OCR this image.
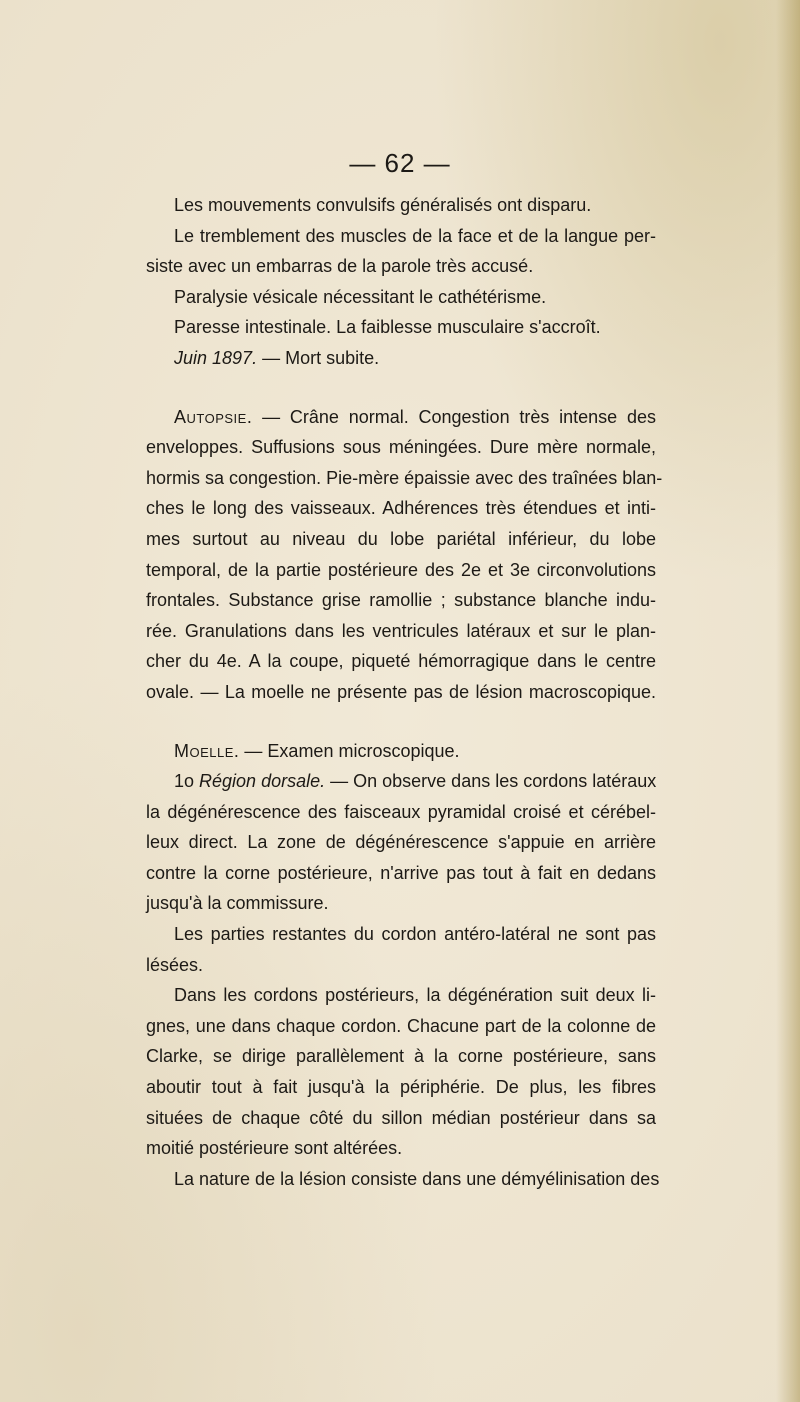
— 62 —
Les mouvements convulsifs généralisés ont disparu.
Le tremblement des muscles de la face et de la langue per-
siste avec un embarras de la parole très accusé.
Paralysie vésicale nécessitant le cathétérisme.
Paresse intestinale. La faiblesse musculaire s'accroît.
Juin 1897. — Mort subite.
Autopsie. — Crâne normal. Congestion très intense des
enveloppes. Suffusions sous méningées. Dure mère normale,
hormis sa congestion. Pie-mère épaissie avec des traînées blan-
ches le long des vaisseaux. Adhérences très étendues et inti-
mes surtout au niveau du lobe pariétal inférieur, du lobe
temporal, de la partie postérieure des 2e et 3e circonvolutions
frontales. Substance grise ramollie ; substance blanche indu-
rée. Granulations dans les ventricules latéraux et sur le plan-
cher du 4e. A la coupe, piqueté hémorragique dans le centre
ovale. — La moelle ne présente pas de lésion macroscopique.
Moelle. — Examen microscopique.
1o Région dorsale. — On observe dans les cordons latéraux
la dégénérescence des faisceaux pyramidal croisé et cérébel-
leux direct. La zone de dégénérescence s'appuie en arrière
contre la corne postérieure, n'arrive pas tout à fait en dedans
jusqu'à la commissure.
Les parties restantes du cordon antéro-latéral ne sont pas
lésées.
Dans les cordons postérieurs, la dégénération suit deux li-
gnes, une dans chaque cordon. Chacune part de la colonne de
Clarke, se dirige parallèlement à la corne postérieure, sans
aboutir tout à fait jusqu'à la périphérie. De plus, les fibres
situées de chaque côté du sillon médian postérieur dans sa
moitié postérieure sont altérées.
La nature de la lésion consiste dans une démyélinisation des
